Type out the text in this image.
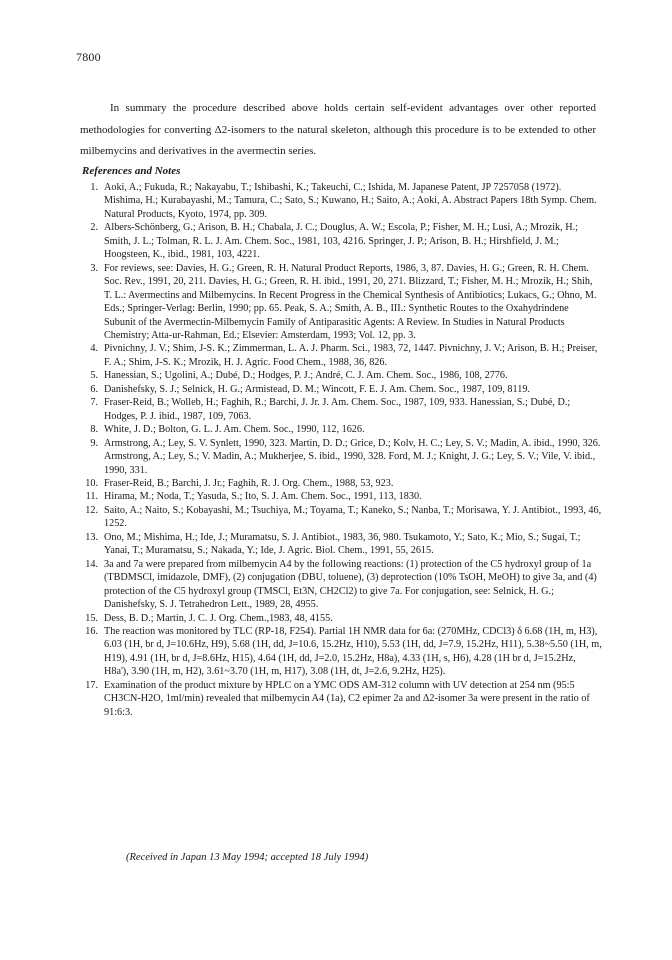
7800
In summary the procedure described above holds certain self-evident advantages over other reported methodologies for converting Δ2-isomers to the natural skeleton, although this procedure is to be extended to other milbemycins and derivatives in the avermectin series.
References and Notes
1. Aoki, A.; Fukuda, R.; Nakayabu, T.; Ishibashi, K.; Takeuchi, C.; Ishida, M. Japanese Patent, JP 7257058 (1972). Mishima, H.; Kurabayashi, M.; Tamura, C.; Sato, S.; Kuwano, H.; Saito, A.; Aoki, A. Abstract Papers 18th Symp. Chem. Natural Products, Kyoto, 1974, pp. 309.
2. Albers-Schönberg, G.; Arison, B. H.; Chabala, J. C.; Douglus, A. W.; Escola, P.; Fisher, M. H.; Lusi, A.; Mrozik, H.; Smith, J. L.; Tolman, R. L. J. Am. Chem. Soc., 1981, 103, 4216. Springer, J. P.; Arison, B. H.; Hirshfield, J. M.; Hoogsteen, K., ibid., 1981, 103, 4221.
3. For reviews, see: Davies, H. G.; Green, R. H. Natural Product Reports, 1986, 3, 87. Davies, H. G.; Green, R. H. Chem. Soc. Rev., 1991, 20, 211. Davies, H. G.; Green, R. H. ibid., 1991, 20, 271. Blizzard, T.; Fisher, M. H.; Mrozik, H.; Shih, T. L.: Avermectins and Milbemycins. In Recent Progress in the Chemical Synthesis of Antibiotics; Lukacs, G.; Ohno, M. Eds.; Springer-Verlag: Berlin, 1990; pp. 65. Peak, S. A.; Smith, A. B., III.: Synthetic Routes to the Oxahydrindene Subunit of the Avermectin-Milbemycin Family of Antiparasitic Agents: A Review. In Studies in Natural Products Chemistry; Atta-ur-Rahman, Ed.; Elsevier: Amsterdam, 1993; Vol. 12, pp. 3.
4. Pivnichny, J. V.; Shim, J-S. K.; Zimmerman, L. A. J. Pharm. Sci., 1983, 72, 1447. Pivnichny, J. V.; Arison, B. H.; Preiser, F. A.; Shim, J-S. K.; Mrozik, H. J. Agric. Food Chem., 1988, 36, 826.
5. Hanessian, S.; Ugolini, A.; Dubé, D.; Hodges, P. J.; André, C. J. Am. Chem. Soc., 1986, 108, 2776.
6. Danishefsky, S. J.; Selnick, H. G.; Armistead, D. M.; Wincott, F. E. J. Am. Chem. Soc., 1987, 109, 8119.
7. Fraser-Reid, B.; Wolleb, H.; Faghih, R.; Barchi, J. Jr. J. Am. Chem. Soc., 1987, 109, 933. Hanessian, S.; Dubé, D.; Hodges, P. J. ibid., 1987, 109, 7063.
8. White, J. D.; Bolton, G. L. J. Am. Chem. Soc., 1990, 112, 1626.
9. Armstrong, A.; Ley, S. V. Synlett, 1990, 323. Martin, D. D.; Grice, D.; Kolv, H. C.; Ley, S. V.; Madin, A. ibid., 1990, 326. Armstrong, A.; Ley, S.; V. Madin, A.; Mukherjee, S. ibid., 1990, 328. Ford, M. J.; Knight, J. G.; Ley, S. V.; Vile, V. ibid., 1990, 331.
10. Fraser-Reid, B.; Barchi, J. Jr.; Faghih, R. J. Org. Chem., 1988, 53, 923.
11. Hirama, M.; Noda, T.; Yasuda, S.; Ito, S. J. Am. Chem. Soc., 1991, 113, 1830.
12. Saito, A.; Naito, S.; Kobayashi, M.; Tsuchiya, M.; Toyama, T.; Kaneko, S.; Nanba, T.; Morisawa, Y. J. Antibiot., 1993, 46, 1252.
13. Ono, M.; Mishima, H.; Ide, J.; Muramatsu, S. J. Antibiot., 1983, 36, 980. Tsukamoto, Y.; Sato, K.; Mio, S.; Sugai, T.; Yanai, T.; Muramatsu, S.; Nakada, Y.; Ide, J. Agric. Biol. Chem., 1991, 55, 2615.
14. 3a and 7a were prepared from milbemycin A4 by the following reactions: (1) protection of the C5 hydroxyl group of 1a (TBDMSCl, imidazole, DMF), (2) conjugation (DBU, toluene), (3) deprotection (10% TsOH, MeOH) to give 3a, and (4) protection of the C5 hydroxyl group (TMSCl, Et3N, CH2Cl2) to give 7a. For conjugation, see: Selnick, H. G.; Danishefsky, S. J. Tetrahedron Lett., 1989, 28, 4955.
15. Dess, B. D.; Martin, J. C. J. Org. Chem.,1983, 48, 4155.
16. The reaction was monitored by TLC (RP-18, F254). Partial 1H NMR data for 6a: (270MHz, CDCl3) δ 6.68 (1H, m, H3), 6.03 (1H, br d, J=10.6Hz, H9), 5.68 (1H, dd, J=10.6, 15.2Hz, H10), 5.53 (1H, dd, J=7.9, 15.2Hz, H11), 5.38~5.50 (1H, m, H19), 4.91 (1H, br d, J=8.6Hz, H15), 4.64 (1H, dd, J=2.0, 15.2Hz, H8a), 4.33 (1H, s, H6), 4.28 (1H br d, J=15.2Hz, H8a'), 3.90 (1H, m, H2), 3.61~3.70 (1H, m, H17), 3.08 (1H, dt, J=2.6, 9.2Hz, H25).
17. Examination of the product mixture by HPLC on a YMC ODS AM-312 column with UV detection at 254 nm (95:5 CH3CN-H2O, 1ml/min) revealed that milbemycin A4 (1a), C2 epimer 2a and Δ2-isomer 3a were present in the ratio of 91:6:3.
(Received in Japan 13 May 1994; accepted 18 July 1994)
